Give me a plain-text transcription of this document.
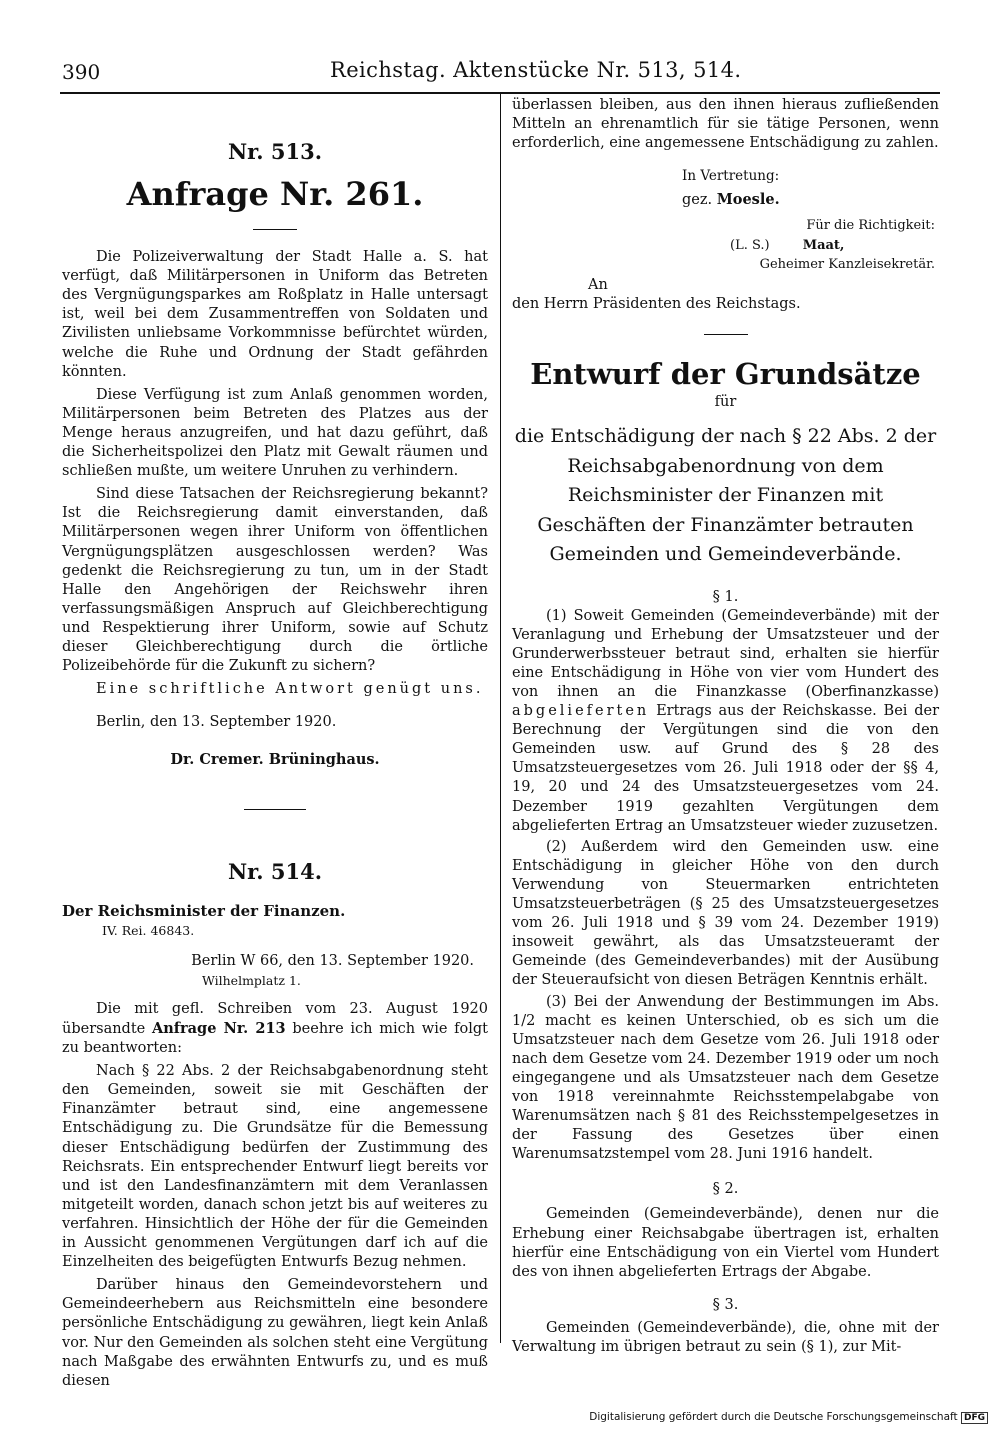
390	Reichstag. Aktenstücke Nr. 513, 514.

Nr. 513.

Anfrage Nr. 261.

Die Polizeiverwaltung der Stadt Halle a. S. hat verfügt, daß Militärpersonen in Uniform das Betreten des Vergnügungsparkes am Roßplatz in Halle untersagt ist, weil bei dem Zusammentreffen von Soldaten und Zivilisten unliebsame Vorkommnisse befürchtet würden, welche die Ruhe und Ordnung der Stadt gefährden könnten.

Diese Verfügung ist zum Anlaß genommen worden, Militärpersonen beim Betreten des Platzes aus der Menge heraus anzugreifen, und hat dazu geführt, daß die Sicherheitspolizei den Platz mit Gewalt räumen und schließen mußte, um weitere Unruhen zu verhindern.

Sind diese Tatsachen der Reichsregierung bekannt? Ist die Reichsregierung damit einverstanden, daß Militärpersonen wegen ihrer Uniform von öffentlichen Vergnügungsplätzen ausgeschlossen werden? Was gedenkt die Reichsregierung zu tun, um in der Stadt Halle den Angehörigen der Reichswehr ihren verfassungsmäßigen Anspruch auf Gleichberechtigung und Respektierung ihrer Uniform, sowie auf Schutz dieser Gleichberechtigung durch die örtliche Polizeibehörde für die Zukunft zu sichern?

Eine schriftliche Antwort genügt uns.

Berlin, den 13. September 1920.

Dr. Cremer. Brüninghaus.

Nr. 514.

Der Reichsminister der Finanzen.

IV. Rei. 46843.

Berlin W 66, den 13. September 1920.

Wilhelmplatz 1.

Die mit gefl. Schreiben vom 23. August 1920 übersandte Anfrage Nr. 213 beehre ich mich wie folgt zu beantworten:

Nach § 22 Abs. 2 der Reichsabgabenordnung steht den Gemeinden, soweit sie mit Geschäften der Finanzämter betraut sind, eine angemessene Entschädigung zu. Die Grundsätze für die Bemessung dieser Entschädigung bedürfen der Zustimmung des Reichsrats. Ein entsprechender Entwurf liegt bereits vor und ist den Landesfinanzämtern mit dem Veranlassen mitgeteilt worden, danach schon jetzt bis auf weiteres zu verfahren. Hinsichtlich der Höhe der für die Gemeinden in Aussicht genommenen Vergütungen darf ich auf die Einzelheiten des beigefügten Entwurfs Bezug nehmen.

Darüber hinaus den Gemeindevorstehern und Gemeindeerhebern aus Reichsmitteln eine besondere persönliche Entschädigung zu gewähren, liegt kein Anlaß vor. Nur den Gemeinden als solchen steht eine Vergütung nach Maßgabe des erwähnten Entwurfs zu, und es muß diesen

überlassen bleiben, aus den ihnen hieraus zufließenden Mitteln an ehrenamtlich für sie tätige Personen, wenn erforderlich, eine angemessene Entschädigung zu zahlen.

In Vertretung:

gez. Moesle.

Für die Richtigkeit:

(L. S.)	Maat,

Geheimer Kanzleisekretär.

An

den Herrn Präsidenten des Reichstags.

Entwurf der Grundsätze

für

die Entschädigung der nach § 22 Abs. 2 der Reichsabgabenordnung von dem Reichsminister der Finanzen mit Geschäften der Finanzämter betrauten Gemeinden und Gemeindeverbände.

§ 1.

(1) Soweit Gemeinden (Gemeindeverbände) mit der Veranlagung und Erhebung der Umsatzsteuer und der Grunderwerbssteuer betraut sind, erhalten sie hierfür eine Entschädigung in Höhe von vier vom Hundert des von ihnen an die Finanzkasse (Oberfinanzkasse) abgelieferten Ertrags aus der Reichskasse. Bei der Berechnung der Vergütungen sind die von den Gemeinden usw. auf Grund des § 28 des Umsatzsteuergesetzes vom 26. Juli 1918 oder der §§ 4, 19, 20 und 24 des Umsatzsteuergesetzes vom 24. Dezember 1919 gezahlten Vergütungen dem abgelieferten Ertrag an Umsatzsteuer wieder zuzusetzen.

(2) Außerdem wird den Gemeinden usw. eine Entschädigung in gleicher Höhe von den durch Verwendung von Steuermarken entrichteten Umsatzsteuerbeträgen (§ 25 des Umsatzsteuergesetzes vom 26. Juli 1918 und § 39 vom 24. Dezember 1919) insoweit gewährt, als das Umsatzsteueramt der Gemeinde (des Gemeindeverbandes) mit der Ausübung der Steueraufsicht von diesen Beträgen Kenntnis erhält.

(3) Bei der Anwendung der Bestimmungen im Abs. 1/2 macht es keinen Unterschied, ob es sich um die Umsatzsteuer nach dem Gesetze vom 26. Juli 1918 oder nach dem Gesetze vom 24. Dezember 1919 oder um noch eingegangene und als Umsatzsteuer nach dem Gesetze von 1918 vereinnahmte Reichsstempelabgabe von Warenumsätzen nach § 81 des Reichsstempelgesetzes in der Fassung des Gesetzes über einen Warenumsatzstempel vom 28. Juni 1916 handelt.

§ 2.

Gemeinden (Gemeindeverbände), denen nur die Erhebung einer Reichsabgabe übertragen ist, erhalten hierfür eine Entschädigung von ein Viertel vom Hundert des von ihnen abgelieferten Ertrags der Abgabe.

§ 3.

Gemeinden (Gemeindeverbände), die, ohne mit der Verwaltung im übrigen betraut zu sein (§ 1), zur Mit-

Digitalisierung gefördert durch die Deutsche Forschungsgemeinschaft DFG
